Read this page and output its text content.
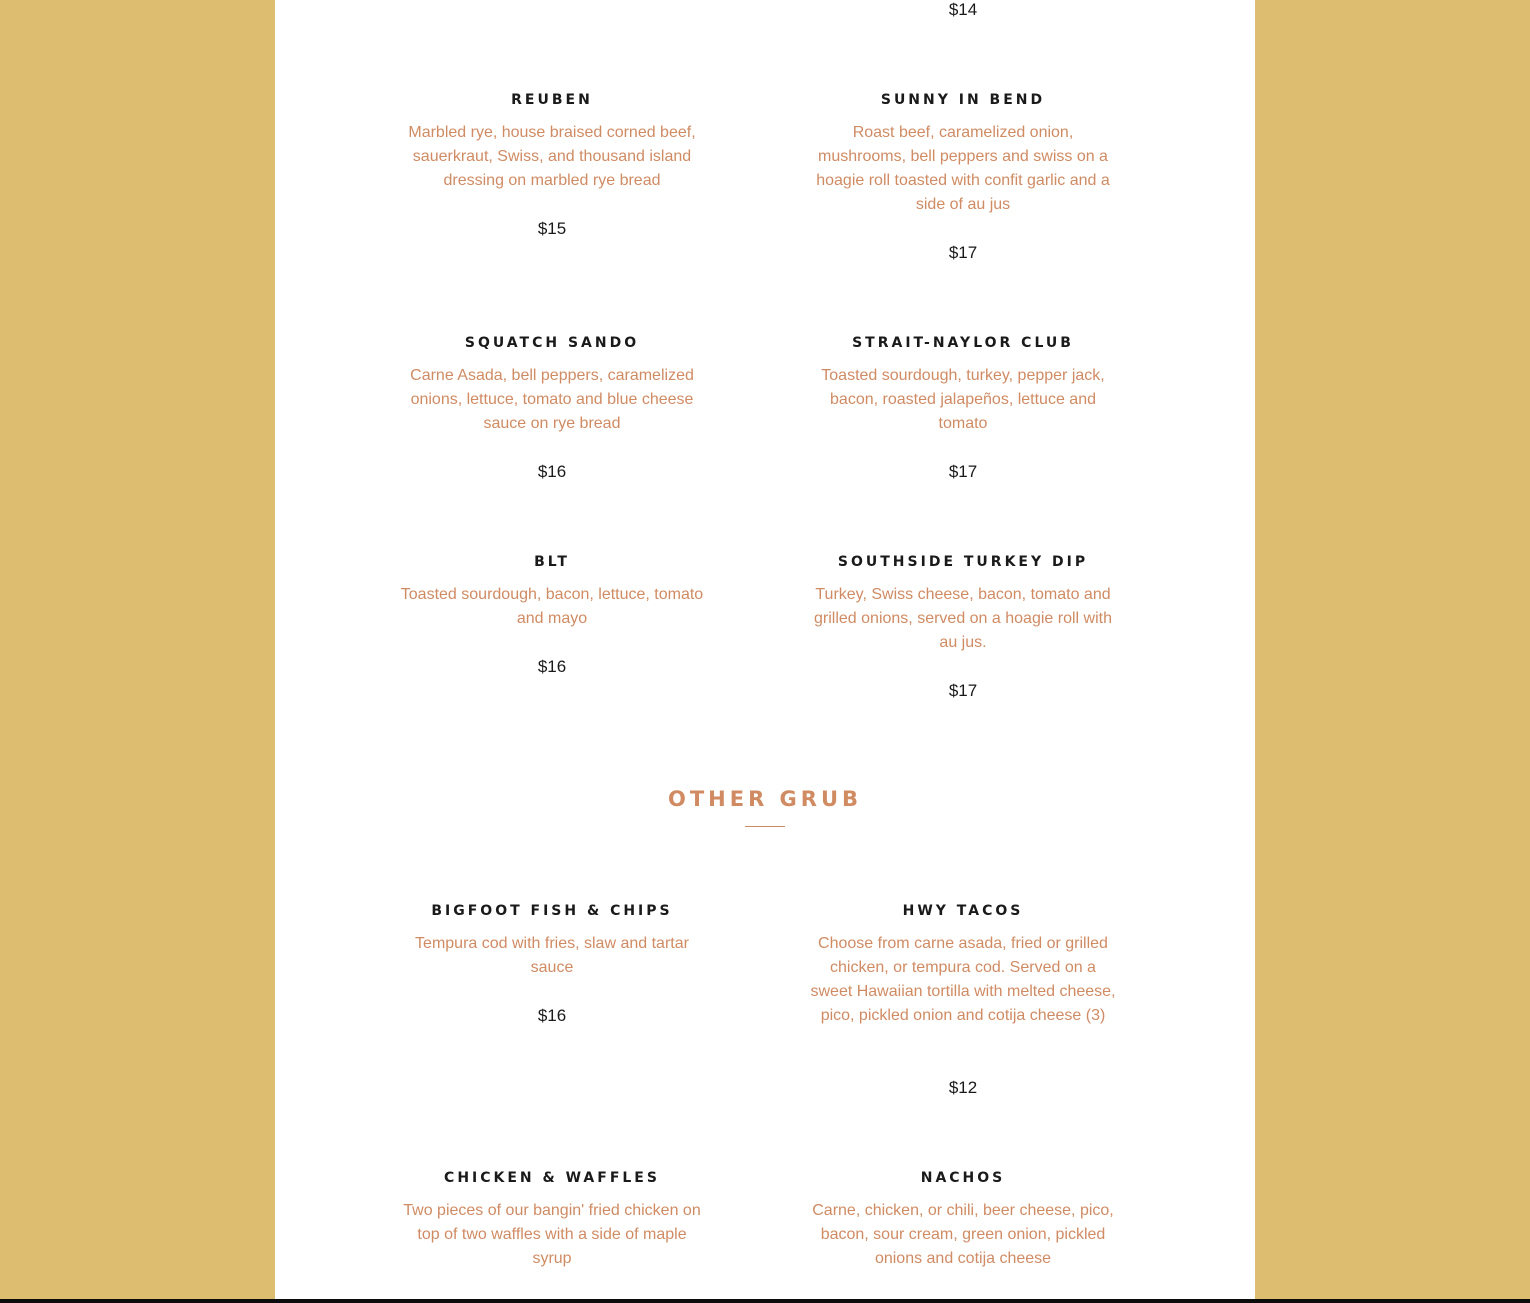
$14
REUBEN
Marbled rye, house braised corned beef, sauerkraut, Swiss, and thousand island dressing on marbled rye bread
$15
SUNNY IN BEND
Roast beef, caramelized onion, mushrooms, bell peppers and swiss on a hoagie roll toasted with confit garlic and a side of au jus
$17
SQUATCH SANDO
Carne Asada, bell peppers, caramelized onions, lettuce, tomato and blue cheese sauce on rye bread
$16
STRAIT-NAYLOR CLUB
Toasted sourdough, turkey, pepper jack, bacon, roasted jalapeños, lettuce and tomato
$17
BLT
Toasted sourdough, bacon, lettuce, tomato and mayo
$16
SOUTHSIDE TURKEY DIP
Turkey, Swiss cheese, bacon, tomato and grilled onions, served on a hoagie roll with au jus.
$17
OTHER GRUB
BIGFOOT FISH & CHIPS
Tempura cod with fries, slaw and tartar sauce
$16
HWY TACOS
Choose from carne asada, fried or grilled chicken, or tempura cod. Served on a sweet Hawaiian tortilla with melted cheese, pico, pickled onion and cotija cheese (3)
$12
CHICKEN & WAFFLES
Two pieces of our bangin' fried chicken on top of two waffles with a side of maple syrup
NACHOS
Carne, chicken, or chili, beer cheese, pico, bacon, sour cream, green onion, pickled onions and cotija cheese
